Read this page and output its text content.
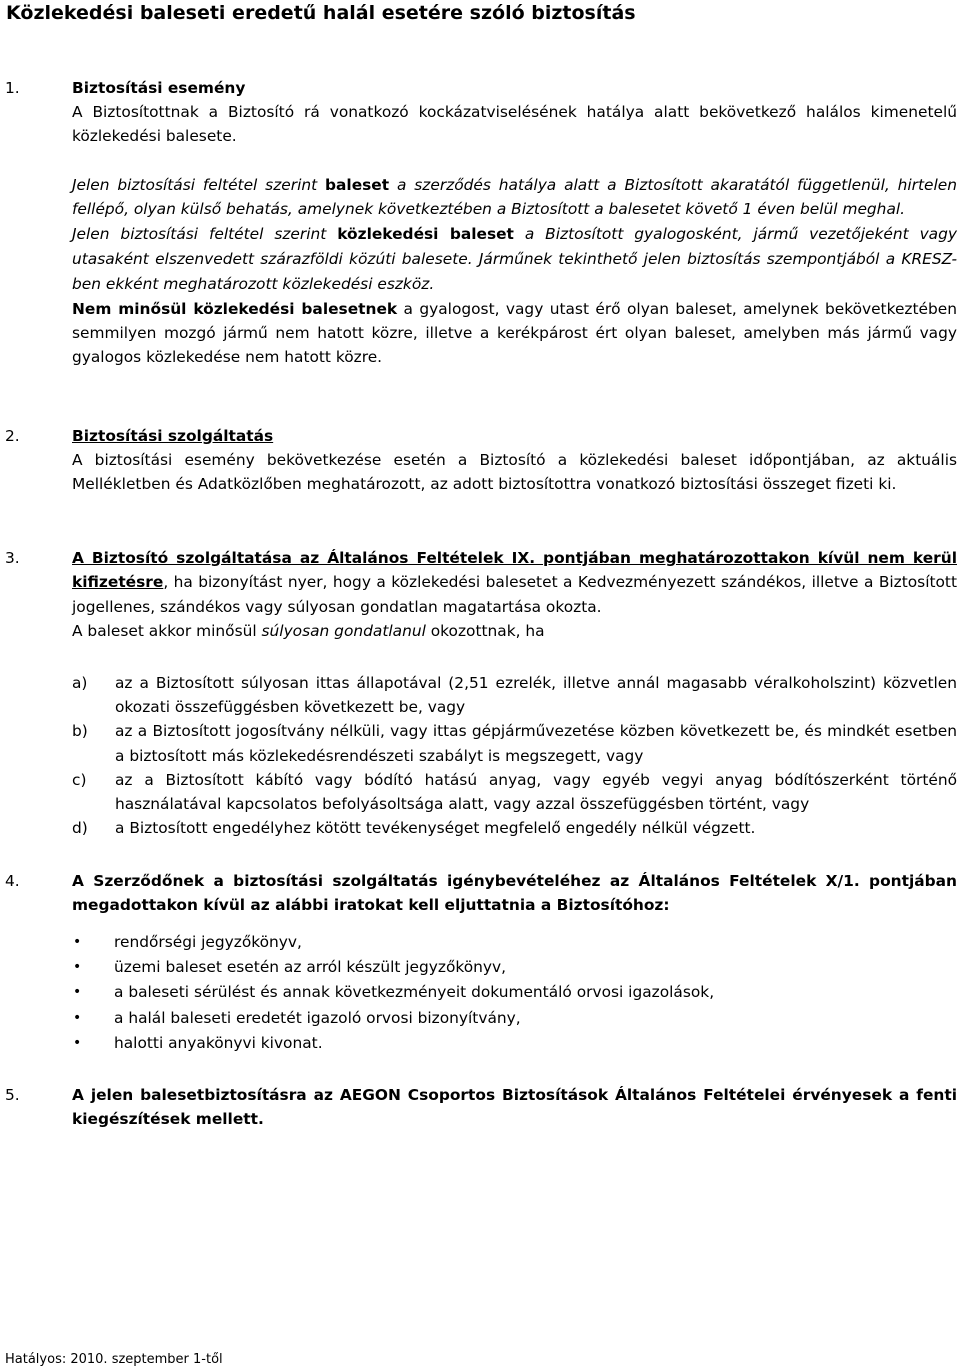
Közlekedési baleseti eredetű halál esetére szóló biztosítás
1.	Biztosítási esemény
A Biztosítottnak a Biztosító rá vonatkozó kockázatviselésének hatálya alatt bekövetkező halálos kimenetelű közlekedési balesete.
Jelen biztosítási feltétel szerint baleset a szerződés hatálya alatt a Biztosított akaratától függetlenül, hirtelen fellépő, olyan külső behatás, amelynek következtében a Biztosított a balesetet követő 1 éven belül meghal.
Jelen biztosítási feltétel szerint közlekedési baleset a Biztosított gyalogosként, jármű vezetőjeként vagy utasaként elszenvedett szárazföldi közúti balesete. Járműnek tekinthető jelen biztosítás szempontjából a KRESZ-ben ekként meghatározott közlekedési eszköz.
Nem minősül közlekedési balesetnek a gyalogost, vagy utast érő olyan baleset, amelynek bekövetkeztében semmilyen mozgó jármű nem hatott közre, illetve a kerékpárost ért olyan baleset, amelyben más jármű vagy gyalogos közlekedése nem hatott közre.
2.	Biztosítási szolgáltatás
A biztosítási esemény bekövetkezése esetén a Biztosító a közlekedési baleset időpontjában, az aktuális Mellékletben és Adatközlőben meghatározott, az adott biztosítottra vonatkozó biztosítási összeget fizeti ki.
3.	A Biztosító szolgáltatása az Általános Feltételek IX. pontjában meghatározottakon kívül nem kerül kifizetésre, ha bizonyítást nyer, hogy a közlekedési balesetet a Kedvezményezett szándékos, illetve a Biztosított jogellenes, szándékos vagy súlyosan gondatlan magatartása okozta.
A baleset akkor minősül súlyosan gondatlanul okozottnak, ha
a) az a Biztosított súlyosan ittas állapotával (2,51 ezrelék, illetve annál magasabb véralkoholszint) közvetlen okozati összefüggésben következett be, vagy
b) az a Biztosított jogosítvány nélküli, vagy ittas gépjárművezetése közben következett be, és mindkét esetben a biztosított más közlekedésrendészeti szabályt is megszegett, vagy
c) az a Biztosított kábító vagy bódító hatású anyag, vagy egyéb vegyi anyag bódítószerként történő használatával kapcsolatos befolyásoltsága alatt, vagy azzal összefüggésben történt, vagy
d) a Biztosított engedélyhez kötött tevékenységet megfelelő engedély nélkül végzett.
4.	A Szerződőnek a biztosítási szolgáltatás igénybevételéhez az Általános Feltételek X/1. pontjában megadottakon kívül az alábbi iratokat kell eljuttatnia a Biztosítóhoz:
• rendőrségi jegyzőkönyv,
• üzemi baleset esetén az arról készült jegyzőkönyv,
• a baleseti sérülést és annak következményeit dokumentáló orvosi igazolások,
• a halál baleseti eredetét igazoló orvosi bizonyítvány,
• halotti anyakönyvi kivonat.
5.	A jelen balesetbiztosításra az AEGON Csoportos Biztosítások Általános Feltételei érvényesek a fenti kiegészítések mellett.
Hatályos: 2010. szeptember 1-től
